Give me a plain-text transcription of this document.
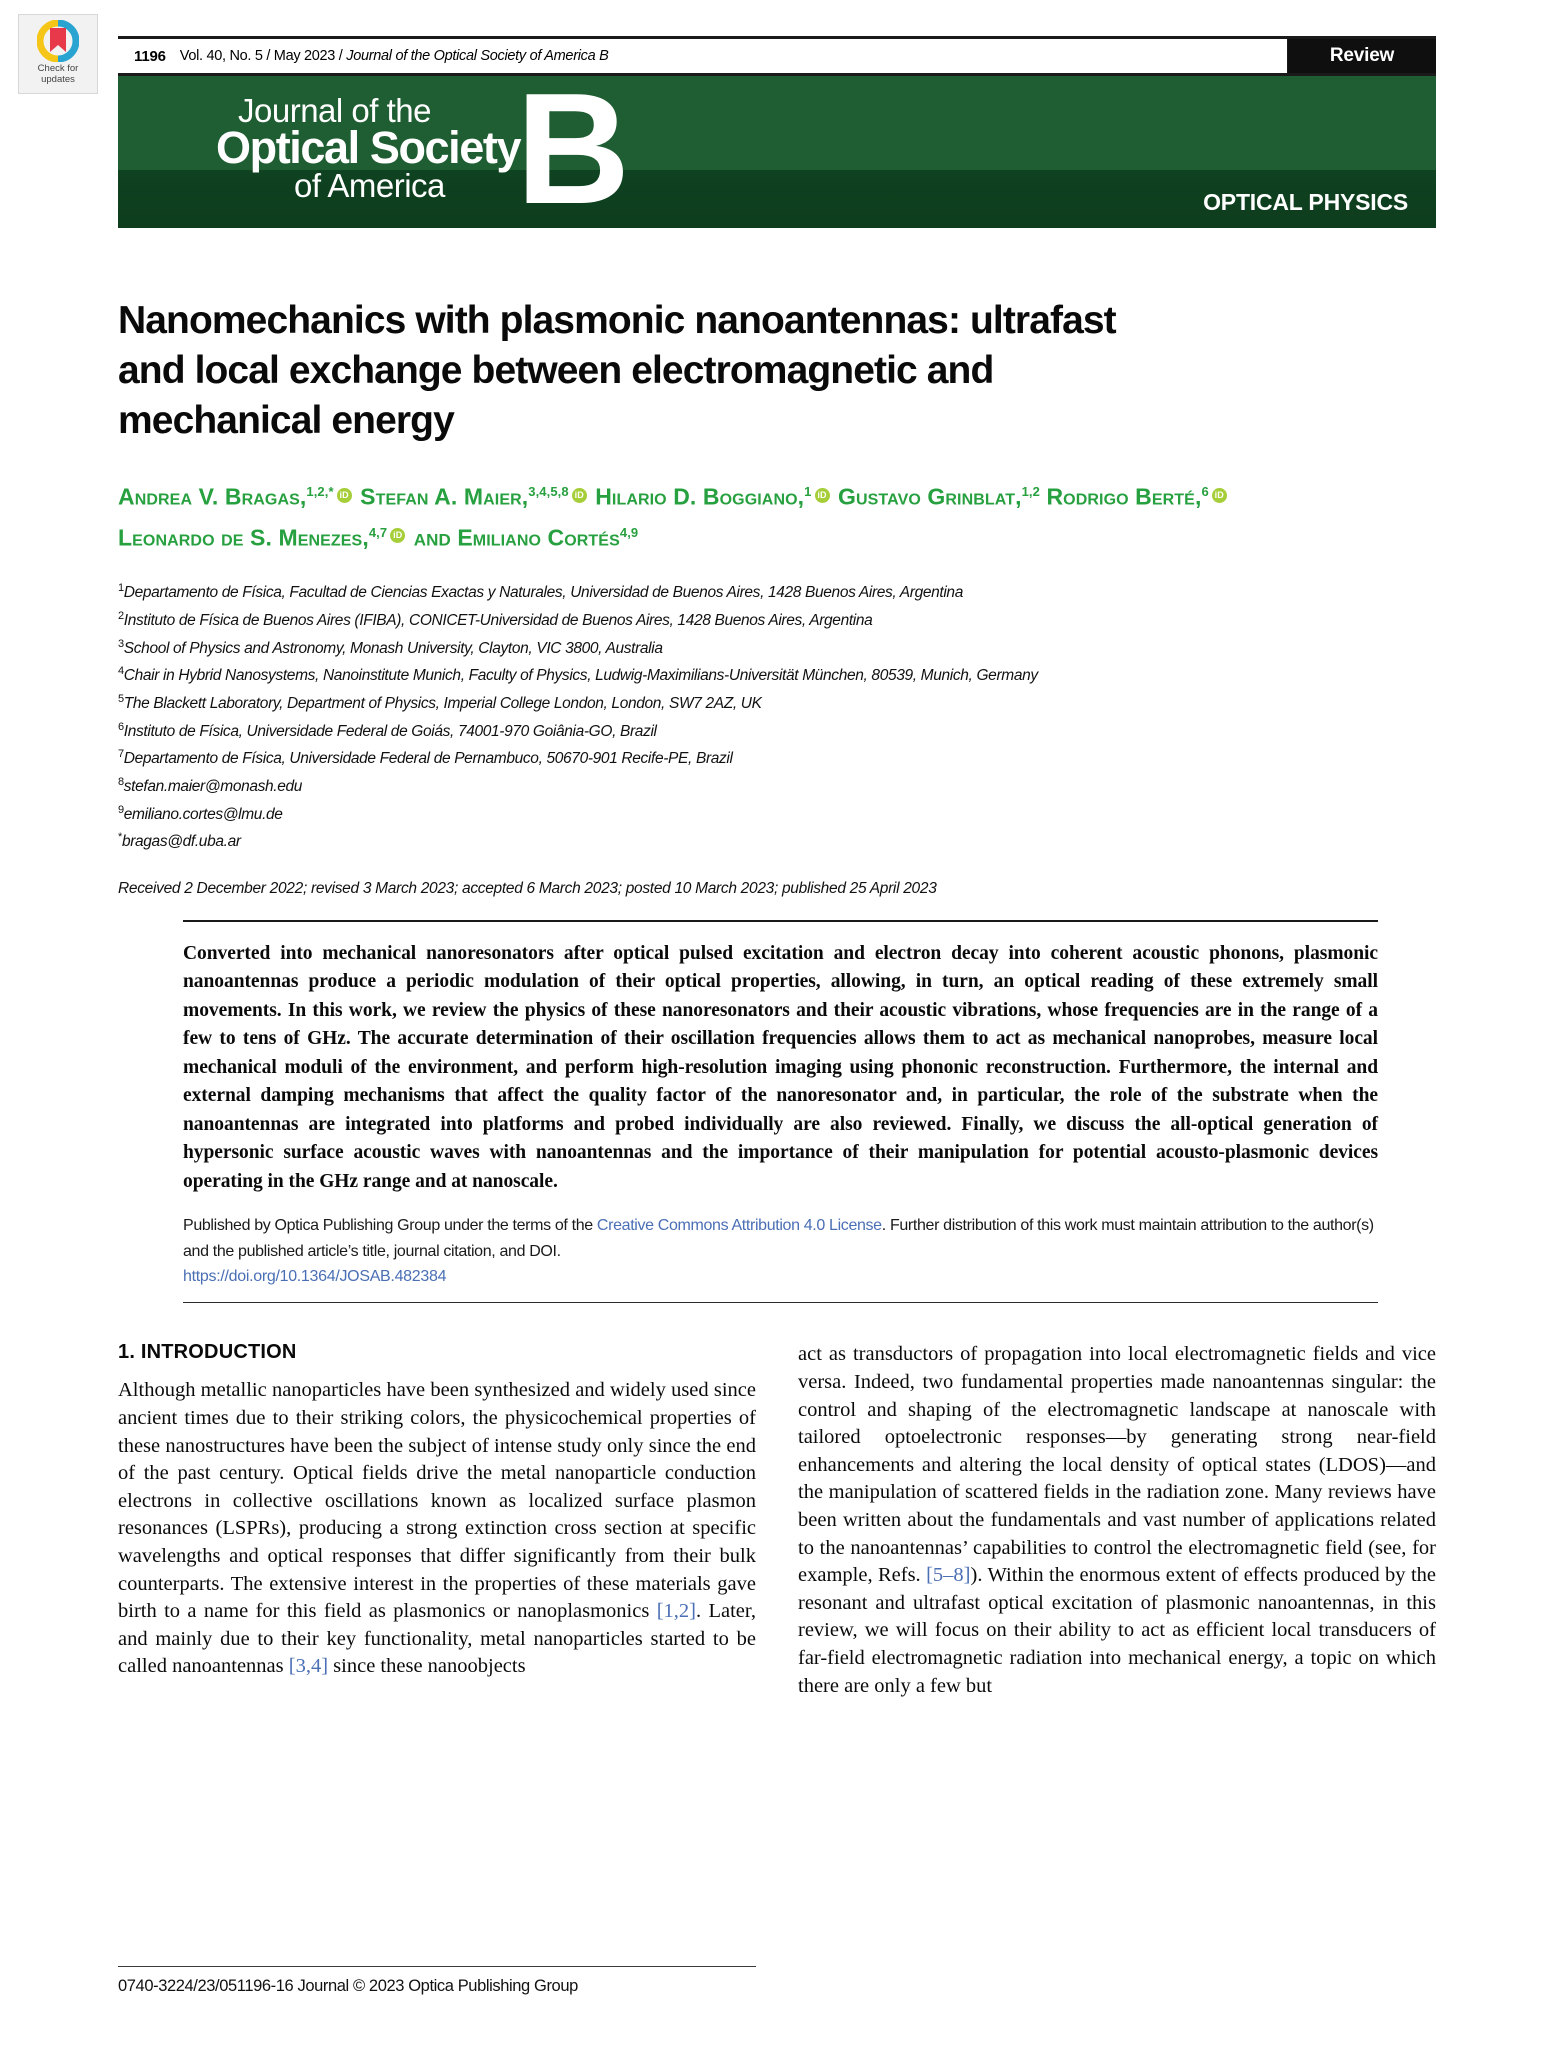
Check for
updates
1196 Vol. 40, No. 5 / May 2023 / Journal of the Optical Society of America B	Review
Journal of the
Optical Society
of America B	OPTICAL PHYSICS
Nanomechanics with plasmonic nanoantennas: ultrafast and local exchange between electromagnetic and mechanical energy
Andrea V. Bragas,$^{1,2,*}$ iD Stefan A. Maier,$^{3,4,5,8}$ iD Hilario D. Boggiano,$^1$ iD Gustavo Grinblat,$^{1,2}$ Rodrigo Berté,$^6$iD Leonardo de S. Menezes,$^{4,7}$ iD AND Emiliano Cortés$^{4,9}$
$^1$Departamento de Física, Facultad de Ciencias Exactas y Naturales, Universidad de Buenos Aires, 1428 Buenos Aires, Argentina
$^2$Instituto de Física de Buenos Aires (IFIBA), CONICET-Universidad de Buenos Aires, 1428 Buenos Aires, Argentina
$^3$School of Physics and Astronomy, Monash University, Clayton, VIC 3800, Australia
$^4$Chair in Hybrid Nanosystems, Nanoinstitute Munich, Faculty of Physics, Ludwig-Maximilians-Universität München, 80539, Munich, Germany
$^5$The Blackett Laboratory, Department of Physics, Imperial College London, London, SW7 2AZ, UK
$^6$Instituto de Física, Universidade Federal de Goiás, 74001-970 Goiânia-GO, Brazil
$^7$Departamento de Física, Universidade Federal de Pernambuco, 50670-901 Recife-PE, Brazil
$^8$stefan.maier@monash.edu
$^9$emiliano.cortes@lmu.de
*bragas@df.uba.ar
Received 2 December 2022; revised 3 March 2023; accepted 6 March 2023; posted 10 March 2023; published 25 April 2023
Converted into mechanical nanoresonators after optical pulsed excitation and electron decay into coherent acoustic phonons, plasmonic nanoantennas produce a periodic modulation of their optical properties, allowing, in turn, an optical reading of these extremely small movements. In this work, we review the physics of these nanoresonators and their acoustic vibrations, whose frequencies are in the range of a few to tens of GHz. The accurate determination of their oscillation frequencies allows them to act as mechanical nanoprobes, measure local mechanical moduli of the environment, and perform high-resolution imaging using phononic reconstruction. Furthermore, the internal and external damping mechanisms that affect the quality factor of the nanoresonator and, in particular, the role of the substrate when the nanoantennas are integrated into platforms and probed individually are also reviewed. Finally, we discuss the all-optical generation of hypersonic surface acoustic waves with nanoantennas and the importance of their manipulation for potential acousto-plasmonic devices operating in the GHz range and at nanoscale.
Published by Optica Publishing Group under the terms of the Creative Commons Attribution 4.0 License. Further distribution of this work must maintain attribution to the author(s) and the published article’s title, journal citation, and DOI.
https://doi.org/10.1364/JOSAB.482384
1. INTRODUCTION

Although metallic nanoparticles have been synthesized and widely used since ancient times due to their striking colors, the physicochemical properties of these nanostructures have been the subject of intense study only since the end of the past century. Optical fields drive the metal nanoparticle conduction electrons in collective oscillations known as localized surface plasmon resonances (LSPRs), producing a strong extinction cross section at specific wavelengths and optical responses that differ significantly from their bulk counterparts. The extensive interest in the properties of these materials gave birth to a name for this field as plasmonics or nanoplasmonics [1,2]. Later, and mainly due to their key functionality, metal nanoparticles started to be called nanoantennas [3,4] since these nanoobjects

act as transductors of propagation into local electromagnetic fields and vice versa. Indeed, two fundamental properties made nanoantennas singular: the control and shaping of the electromagnetic landscape at nanoscale with tailored optoelectronic responses—by generating strong near-field enhancements and altering the local density of optical states (LDOS)—and the manipulation of scattered fields in the radiation zone. Many reviews have been written about the fundamentals and vast number of applications related to the nanoantennas’ capabilities to control the electromagnetic field (see, for example, Refs. [5–8]). Within the enormous extent of effects produced by the resonant and ultrafast optical excitation of plasmonic nanoantennas, in this review, we will focus on their ability to act as efficient local transducers of far-field electromagnetic radiation into mechanical energy, a topic on which there are only a few but

0740-3224/23/051196-16 Journal © 2023 Optica Publishing Group
